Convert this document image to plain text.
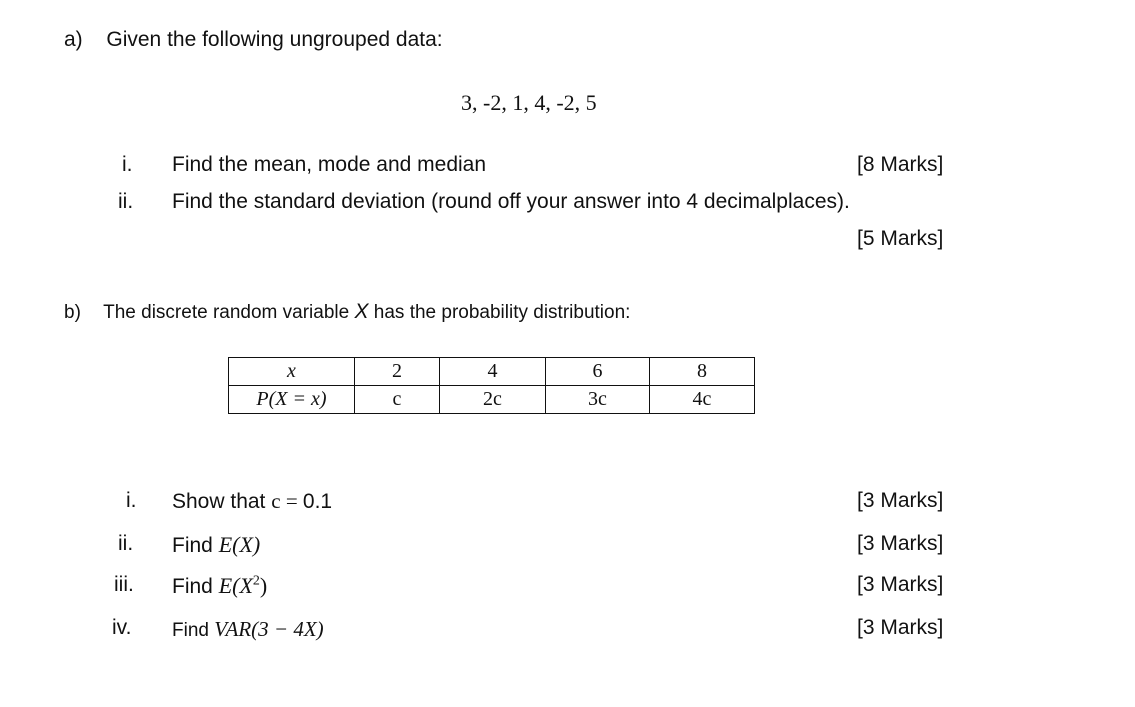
a) Given the following ungrouped data:
3, -2, 1, 4, -2, 5
i. Find the mean, mode and median	[8 Marks]
ii. Find the standard deviation (round off your answer into 4 decimalplaces).
[5 Marks]
b) The discrete random variable X has the probability distribution:
x	2	4	6	8
P(X = x)	c	2c	3c	4c
i. Show that c = 0.1	[3 Marks]
ii. Find E(X)	[3 Marks]
iii. Find $E(X^2)$	[3 Marks]
iv. Find VAR(3 − 4X)	[3 Marks]
